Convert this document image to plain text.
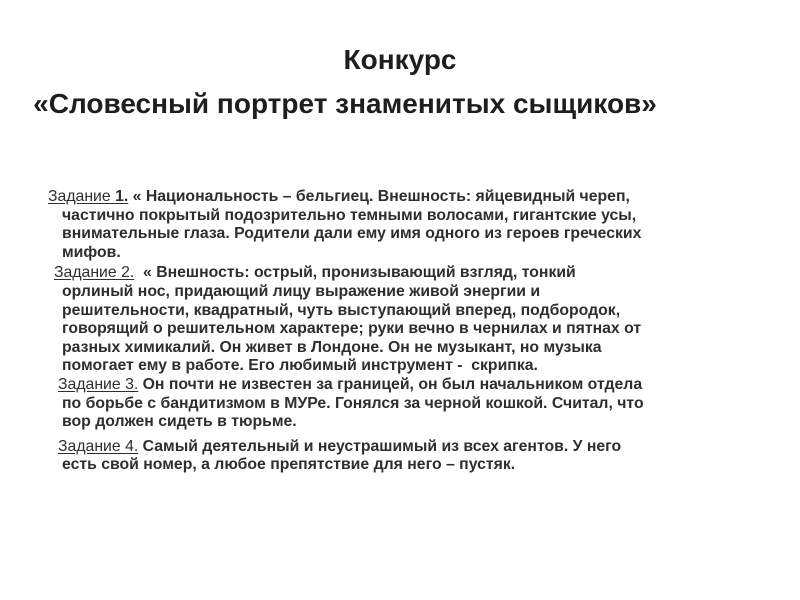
Конкурс
«Словесный портрет знаменитых сыщиков»
Задание 1. « Национальность – бельгиец. Внешность: яйцевидный череп,
частично покрытый подозрительно темными волосами, гигантские усы,
внимательные глаза. Родители дали ему имя одного из героев греческих
мифов.
Задание 2.  « Внешность: острый, пронизывающий взгляд, тонкий
орлиный нос, придающий лицу выражение живой энергии и
решительности, квадратный, чуть выступающий вперед, подбородок,
говорящий о решительном характере; руки вечно в чернилах и пятнах от
разных химикалий. Он живет в Лондоне. Он не музыкант, но музыка
помогает ему в работе. Его любимый инструмент -  скрипка.
Задание 3. Он почти не известен за границей, он был начальником отдела
по борьбе с бандитизмом в МУРе. Гонялся за черной кошкой. Считал, что
вор должен сидеть в тюрьме.
Задание 4. Самый деятельный и неустрашимый из всех агентов. У него
есть свой номер, а любое препятствие для него – пустяк.
